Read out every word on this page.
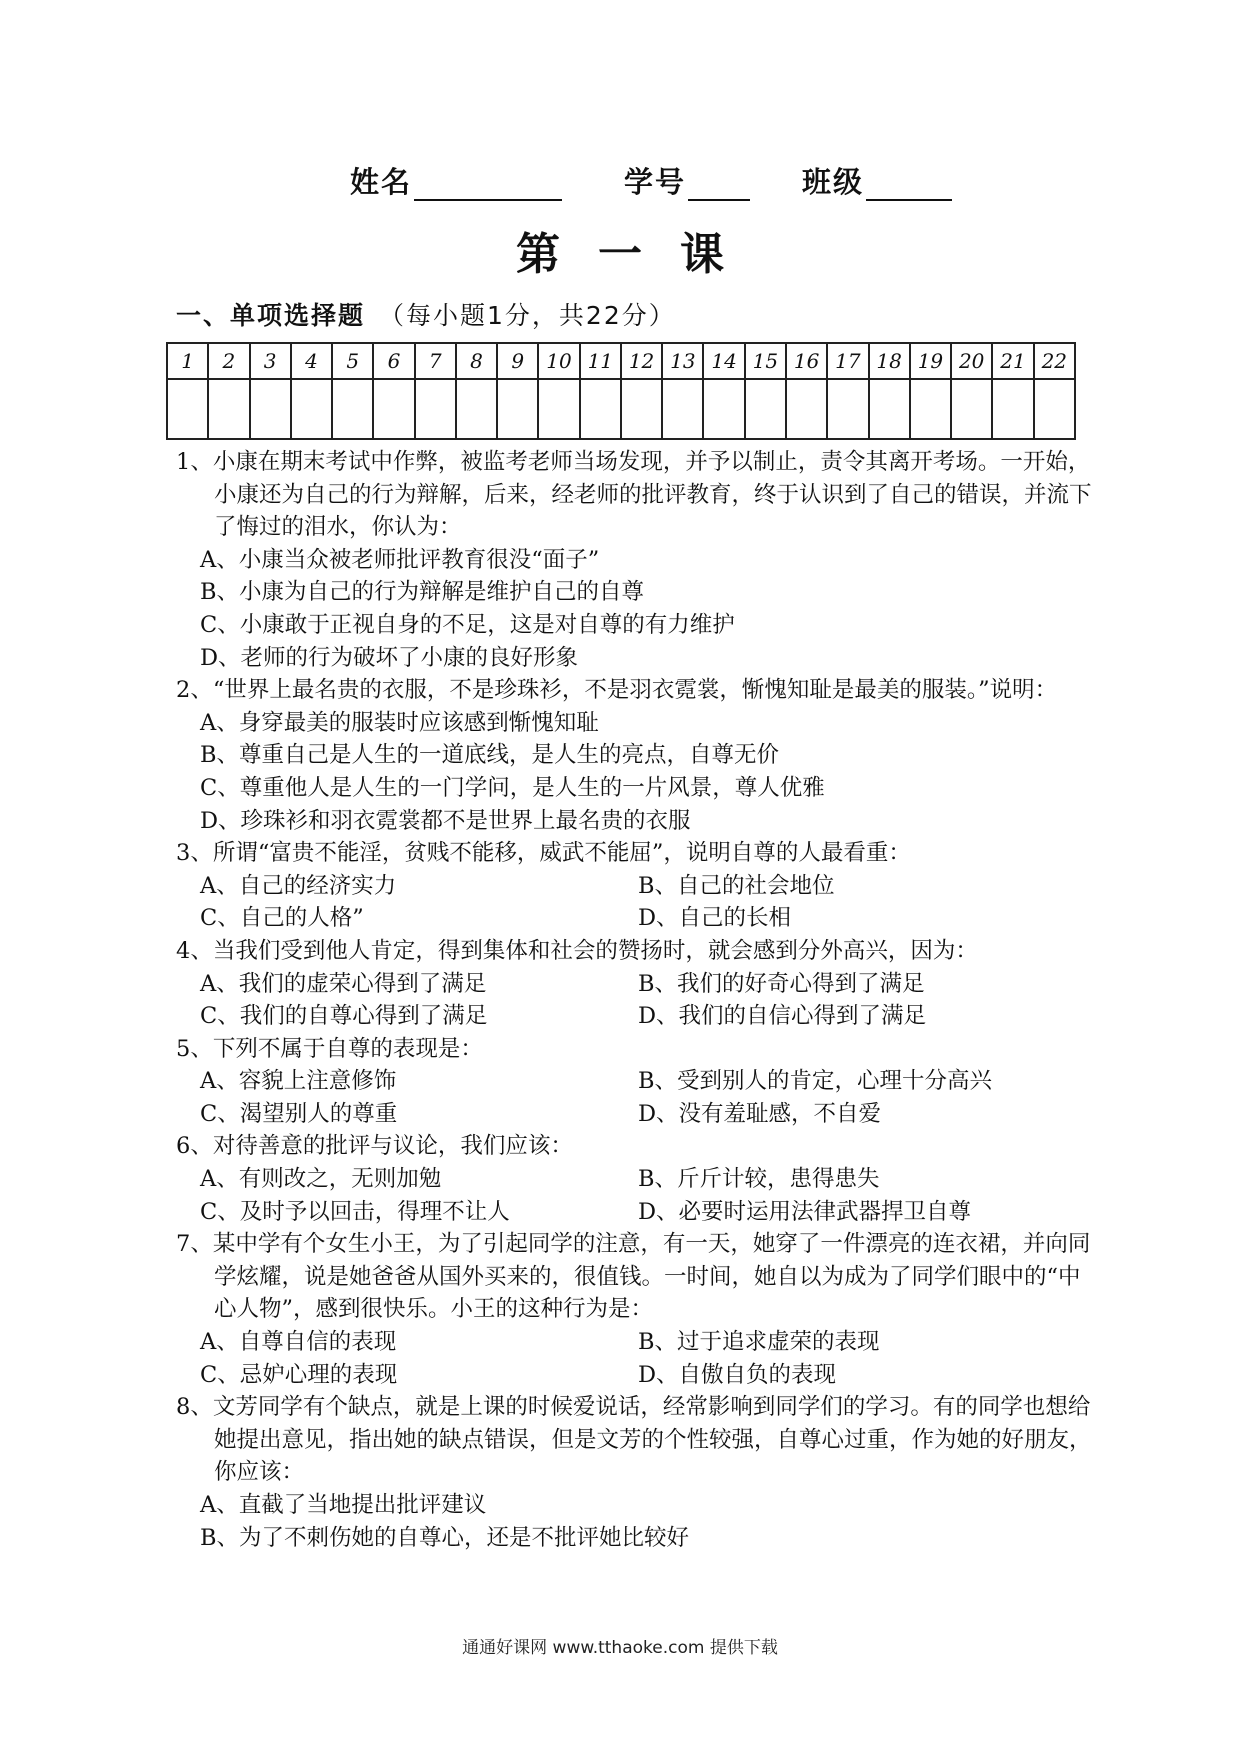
姓名	学号	班级
第一课
一、单项选择题 （每小题1分，共22分）
1	2	3	4	5	6	7	8	9	10	11	12	13	14	15	16	17	18	19	20	21	22

1、小康在期末考试中作弊，被监考老师当场发现，并予以制止，责令其离开考场。一开始，小康还为自己的行为辩解，后来，经老师的批评教育，终于认识到了自己的错误，并流下了悔过的泪水，你认为：
A、小康当众被老师批评教育很没“面子”
B、小康为自己的行为辩解是维护自己的自尊
C、小康敢于正视自身的不足，这是对自尊的有力维护
D、老师的行为破坏了小康的良好形象
2、“世界上最名贵的衣服，不是珍珠衫，不是羽衣霓裳，惭愧知耻是最美的服装。”说明：
A、身穿最美的服装时应该感到惭愧知耻
B、尊重自己是人生的一道底线，是人生的亮点，自尊无价
C、尊重他人是人生的一门学问，是人生的一片风景，尊人优雅
D、珍珠衫和羽衣霓裳都不是世界上最名贵的衣服
3、所谓“富贵不能淫，贫贱不能移，威武不能屈”，说明自尊的人最看重：
A、自己的经济实力	B、自己的社会地位
C、自己的人格”	D、自己的长相
4、当我们受到他人肯定，得到集体和社会的赞扬时，就会感到分外高兴，因为：
A、我们的虚荣心得到了满足	B、我们的好奇心得到了满足
C、我们的自尊心得到了满足	D、我们的自信心得到了满足
5、下列不属于自尊的表现是：
A、容貌上注意修饰	B、受到别人的肯定，心理十分高兴
C、渴望别人的尊重	D、没有羞耻感，不自爱
6、对待善意的批评与议论，我们应该：
A、有则改之，无则加勉	B、斤斤计较，患得患失
C、及时予以回击，得理不让人	D、必要时运用法律武器捍卫自尊
7、某中学有个女生小王，为了引起同学的注意，有一天，她穿了一件漂亮的连衣裙，并向同学炫耀，说是她爸爸从国外买来的，很值钱。一时间，她自以为成为了同学们眼中的“中心人物”，感到很快乐。小王的这种行为是：
A、自尊自信的表现	B、过于追求虚荣的表现
C、忌妒心理的表现	D、自傲自负的表现
8、文芳同学有个缺点，就是上课的时候爱说话，经常影响到同学们的学习。有的同学也想给她提出意见，指出她的缺点错误，但是文芳的个性较强，自尊心过重，作为她的好朋友，你应该：
A、直截了当地提出批评建议
B、为了不刺伤她的自尊心，还是不批评她比较好
通通好课网 www.tthaoke.com 提供下载
